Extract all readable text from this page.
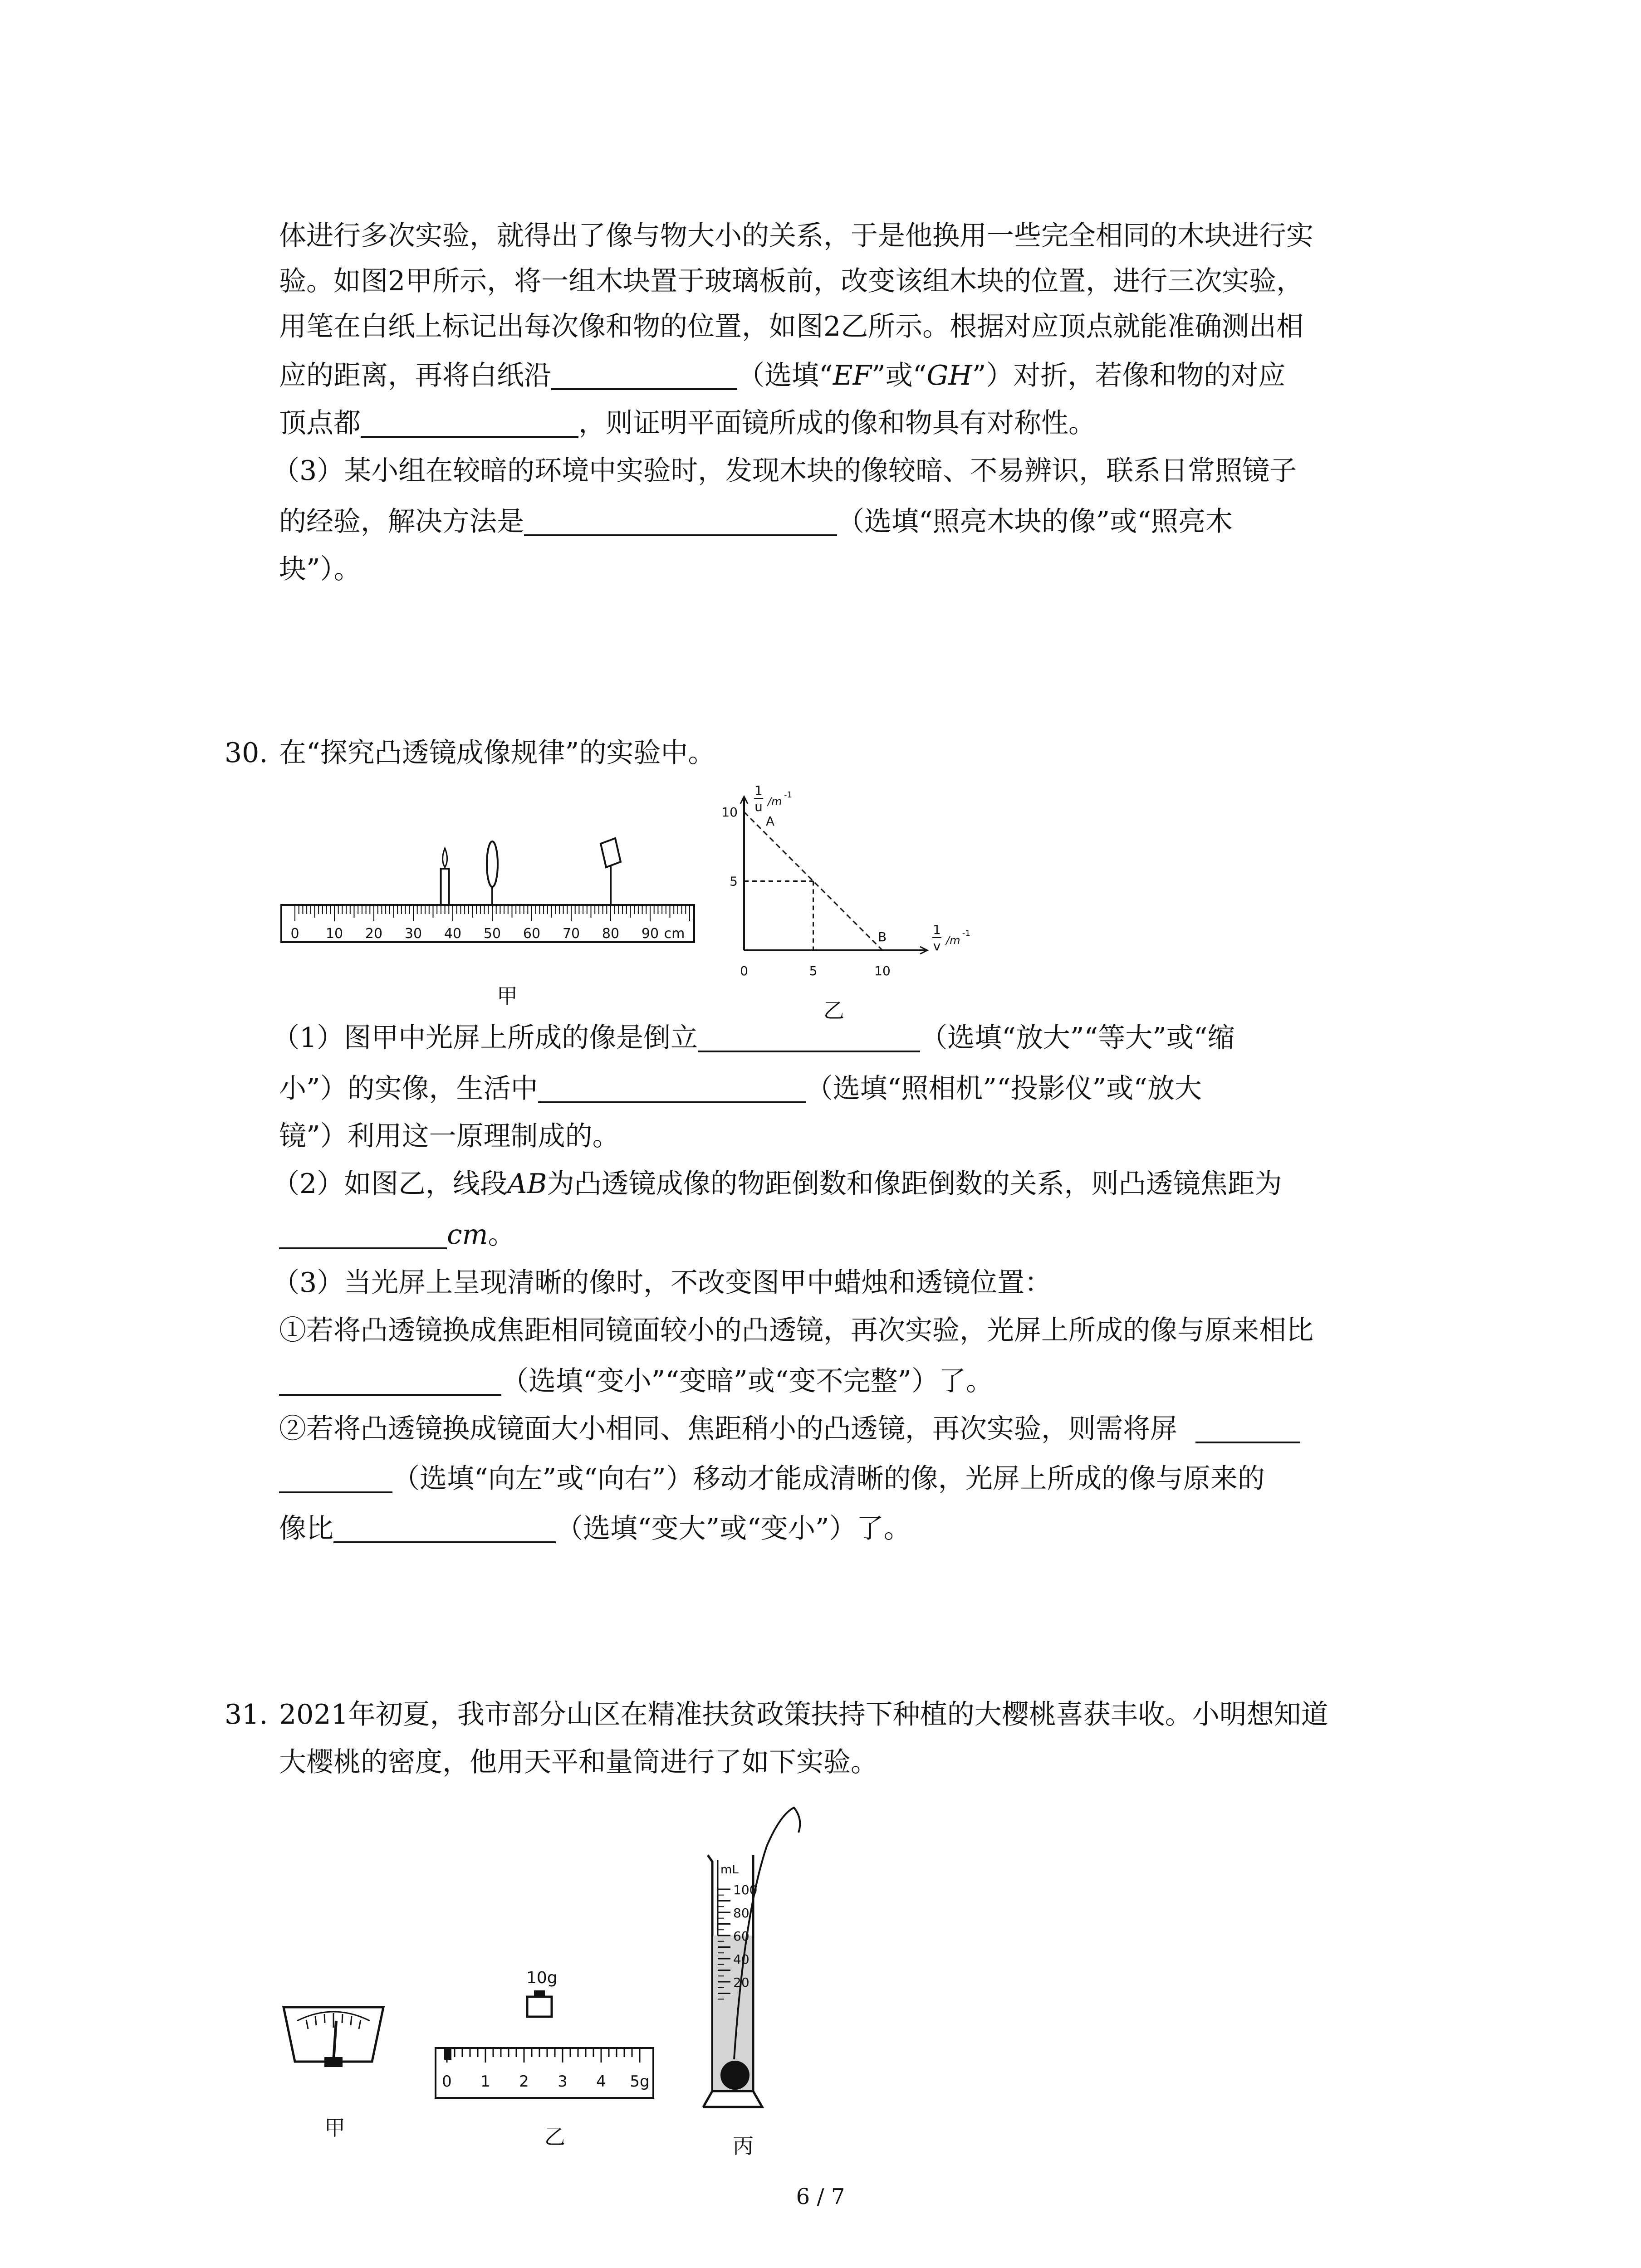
体进行多次实验，就得出了像与物大小的关系，于是他换用一些完全相同的木块进行实
验。如图2甲所示，将一组木块置于玻璃板前，改变该组木块的位置，进行三次实验，
用笔在白纸上标记出每次像和物的位置，如图2乙所示。根据对应顶点就能准确测出相
应的距离，再将白纸沿	（选填“EF”或“GH”）对折，若像和物的对应
顶点都	，则证明平面镜所成的像和物具有对称性。
（3）某小组在较暗的环境中实验时，发现木块的像较暗、不易辨识，联系日常照镜子
的经验，解决方法是	（选填“照亮木块的像”或“照亮木
块”）。
30. 在“探究凸透镜成像规律”的实验中。
0 10 20 30 40 50 60 70 80 90 cm
甲
1
u /m
-1
1
v /m
-1
0	5	10
5
10
A
B
乙
（1）图甲中光屏上所成的像是倒立	（选填“放大”“等大”或“缩
小”）的实像，生活中	（选填“照相机”“投影仪”或“放大
镜”）利用这一原理制成的。
（2）如图乙，线段AB为凸透镜成像的物距倒数和像距倒数的关系，则凸透镜焦距为
cm。
（3）当光屏上呈现清晰的像时，不改变图甲中蜡烛和透镜位置：
①若将凸透镜换成焦距相同镜面较小的凸透镜，再次实验，光屏上所成的像与原来相比
（选填“变小”“变暗”或“变不完整”）了。
②若将凸透镜换成镜面大小相同、焦距稍小的凸透镜，再次实验，则需将屏
（选填“向左”或“向右”）移动才能成清晰的像，光屏上所成的像与原来的
像比	（选填“变大”或“变小”）了。
31. 2021年初夏，我市部分山区在精准扶贫政策扶持下种植的大樱桃喜获丰收。小明想知道
大樱桃的密度，他用天平和量筒进行了如下实验。
甲
10g
0 1 2 3 4 5g
乙
mL
100
80
60
40
20
丙
6 / 7
